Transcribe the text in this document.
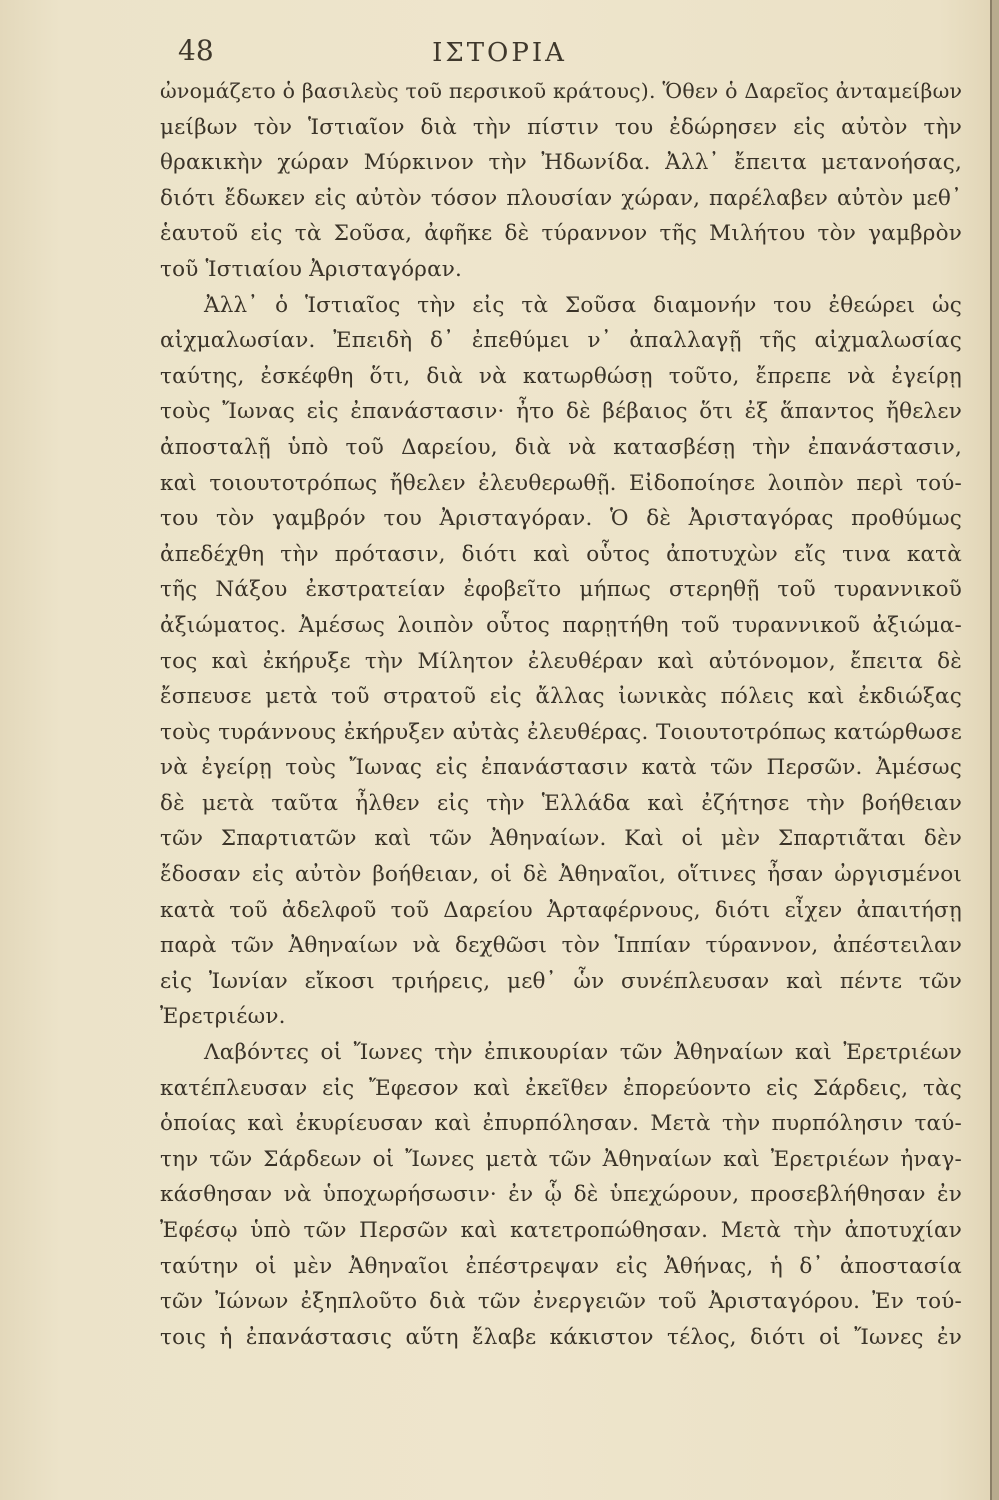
48	ΙΣΤΟΡΙΑ
ὠνομάζετο ὁ βασιλεὺς τοῦ περσικοῦ κράτους). Ὅθεν ὁ Δαρεῖος ἀνταμείβων
μείβων τὸν Ἱστιαῖον διὰ τὴν πίστιν του ἐδώρησεν εἰς αὐτὸν τὴν
θρακικὴν χώραν Μύρκινον τὴν Ἠδωνίδα. Ἀλλ᾽ ἔπειτα μετανοήσας,
διότι ἔδωκεν εἰς αὐτὸν τόσον πλουσίαν χώραν, παρέλαβεν αὐτὸν μεθ᾽
ἑαυτοῦ εἰς τὰ Σοῦσα, ἀφῆκε δὲ τύραννον τῆς Μιλήτου τὸν γαμβρὸν
τοῦ Ἱστιαίου Ἀρισταγόραν.
Ἀλλ᾽ ὁ Ἱστιαῖος τὴν εἰς τὰ Σοῦσα διαμονήν του ἐθεώρει ὡς
αἰχμαλωσίαν. Ἐπειδὴ δ᾽ ἐπεθύμει ν᾽ ἀπαλλαγῇ τῆς αἰχμαλωσίας
ταύτης, ἐσκέφθη ὅτι, διὰ νὰ κατωρθώσῃ τοῦτο, ἔπρεπε νὰ ἐγείρῃ
τοὺς Ἴωνας εἰς ἐπανάστασιν· ἦτο δὲ βέβαιος ὅτι ἐξ ἅπαντος ἤθελεν
ἀποσταλῇ ὑπὸ τοῦ Δαρείου, διὰ νὰ κατασβέσῃ τὴν ἐπανάστασιν,
καὶ τοιουτοτρόπως ἤθελεν ἐλευθερωθῇ. Εἰδοποίησε λοιπὸν περὶ τού-
του τὸν γαμβρόν του Ἀρισταγόραν. Ὁ δὲ Ἀρισταγόρας προθύμως
ἀπεδέχθη τὴν πρότασιν, διότι καὶ οὗτος ἀποτυχὼν εἴς τινα κατὰ
τῆς Νάξου ἐκστρατείαν ἐφοβεῖτο μήπως στερηθῇ τοῦ τυραννικοῦ
ἀξιώματος. Ἀμέσως λοιπὸν οὗτος παρῃτήθη τοῦ τυραννικοῦ ἀξιώμα-
τος καὶ ἐκήρυξε τὴν Μίλητον ἐλευθέραν καὶ αὐτόνομον, ἔπειτα δὲ
ἔσπευσε μετὰ τοῦ στρατοῦ εἰς ἄλλας ἰωνικὰς πόλεις καὶ ἐκδιώξας
τοὺς τυράννους ἐκήρυξεν αὐτὰς ἐλευθέρας. Τοιουτοτρόπως κατώρθωσε
νὰ ἐγείρῃ τοὺς Ἴωνας εἰς ἐπανάστασιν κατὰ τῶν Περσῶν. Ἀμέσως
δὲ μετὰ ταῦτα ἦλθεν εἰς τὴν Ἑλλάδα καὶ ἐζήτησε τὴν βοήθειαν
τῶν Σπαρτιατῶν καὶ τῶν Ἀθηναίων. Καὶ οἱ μὲν Σπαρτιᾶται δὲν
ἔδοσαν εἰς αὐτὸν βοήθειαν, οἱ δὲ Ἀθηναῖοι, οἵτινες ἦσαν ὠργισμένοι
κατὰ τοῦ ἀδελφοῦ τοῦ Δαρείου Ἀρταφέρνους, διότι εἶχεν ἀπαιτήσῃ
παρὰ τῶν Ἀθηναίων νὰ δεχθῶσι τὸν Ἱππίαν τύραννον, ἀπέστειλαν
εἰς Ἰωνίαν εἴκοσι τριήρεις, μεθ᾽ ὧν συνέπλευσαν καὶ πέντε τῶν
Ἐρετριέων.
Λαβόντες οἱ Ἴωνες τὴν ἐπικουρίαν τῶν Ἀθηναίων καὶ Ἐρετριέων
κατέπλευσαν εἰς Ἔφεσον καὶ ἐκεῖθεν ἐπορεύοντο εἰς Σάρδεις, τὰς
ὁποίας καὶ ἐκυρίευσαν καὶ ἐπυρπόλησαν. Μετὰ τὴν πυρπόλησιν ταύ-
την τῶν Σάρδεων οἱ Ἴωνες μετὰ τῶν Ἀθηναίων καὶ Ἐρετριέων ἠναγ-
κάσθησαν νὰ ὑποχωρήσωσιν· ἐν ᾧ δὲ ὑπεχώρουν, προσεβλήθησαν ἐν
Ἐφέσῳ ὑπὸ τῶν Περσῶν καὶ κατετροπώθησαν. Μετὰ τὴν ἀποτυχίαν
ταύτην οἱ μὲν Ἀθηναῖοι ἐπέστρεψαν εἰς Ἀθήνας, ἡ δ᾽ ἀποστασία
τῶν Ἰώνων ἐξηπλοῦτο διὰ τῶν ἐνεργειῶν τοῦ Ἀρισταγόρου. Ἐν τού-
τοις ἡ ἐπανάστασις αὕτη ἔλαβε κάκιστον τέλος, διότι οἱ Ἴωνες ἐν
